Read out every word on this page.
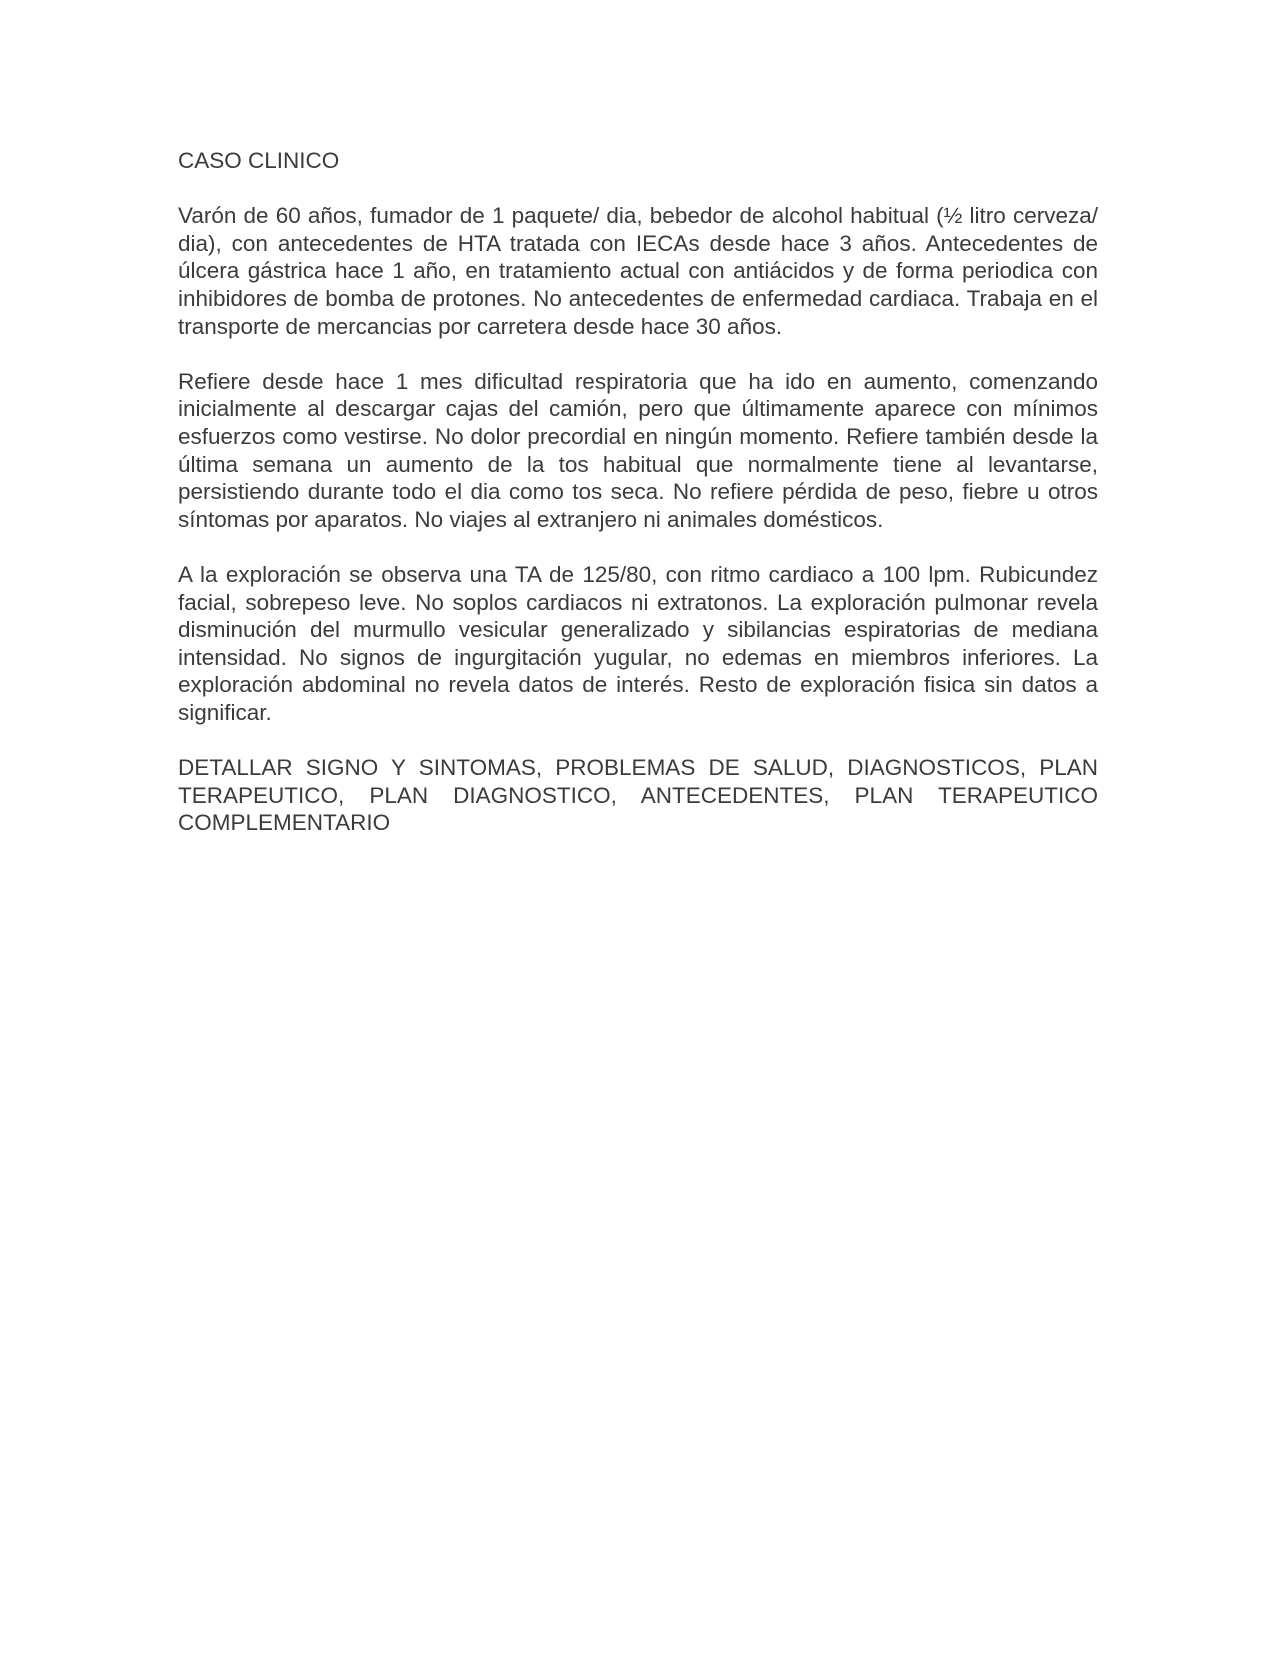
CASO CLINICO

Varón de 60 años, fumador de 1 paquete/ dia, bebedor de alcohol habitual (½ litro cerveza/ dia), con antecedentes de HTA tratada con IECAs desde hace 3 años. Antecedentes de úlcera gástrica hace 1 año, en tratamiento actual con antiácidos y de forma periodica con inhibidores de bomba de protones. No antecedentes de enfermedad cardiaca. Trabaja en el transporte de mercancias por carretera desde hace 30 años.

Refiere desde hace 1 mes dificultad respiratoria que ha ido en aumento, comenzando inicialmente al descargar cajas del camión, pero que últimamente aparece con mínimos esfuerzos como vestirse. No dolor precordial en ningún momento. Refiere también desde la última semana un aumento de la tos habitual que normalmente tiene al levantarse, persistiendo durante todo el dia como tos seca. No refiere pérdida de peso, fiebre u otros síntomas por aparatos. No viajes al extranjero ni animales domésticos.

A la exploración se observa una TA de 125/80, con ritmo cardiaco a 100 lpm. Rubicundez facial, sobrepeso leve. No soplos cardiacos ni extratonos. La exploración pulmonar revela disminución del murmullo vesicular generalizado y sibilancias espiratorias de mediana intensidad. No signos de ingurgitación yugular, no edemas en miembros inferiores. La exploración abdominal no revela datos de interés. Resto de exploración fisica sin datos a significar.

DETALLAR SIGNO Y SINTOMAS, PROBLEMAS DE SALUD, DIAGNOSTICOS, PLAN TERAPEUTICO, PLAN DIAGNOSTICO, ANTECEDENTES, PLAN TERAPEUTICO COMPLEMENTARIO
